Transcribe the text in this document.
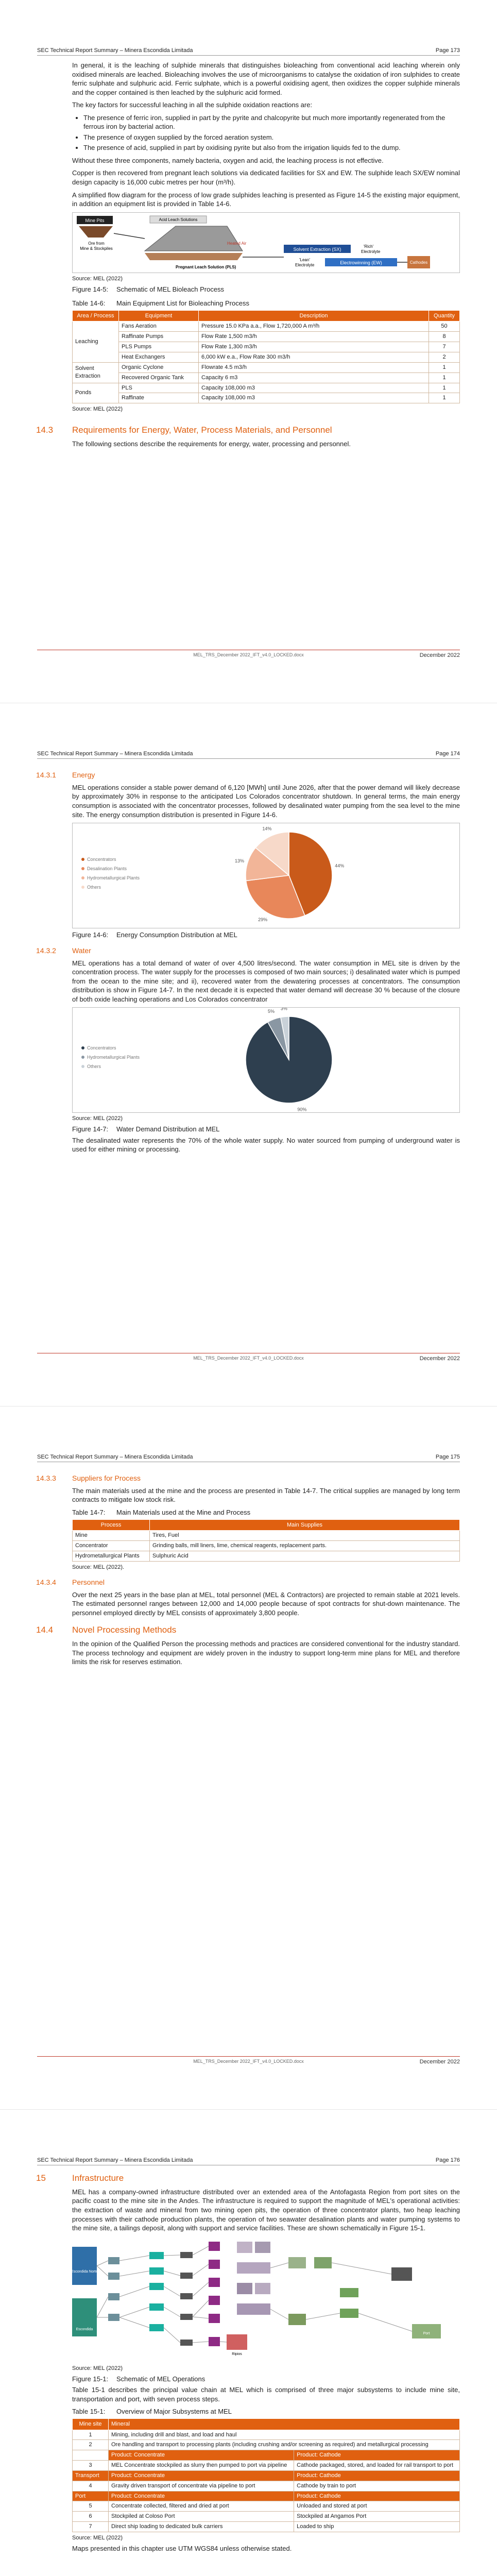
SEC Technical Report Summary – Minera Escondida Limitada	Page 173

In general, it is the leaching of sulphide minerals that distinguishes bioleaching from conventional acid leaching wherein only oxidised minerals are leached. Bioleaching involves the use of microorganisms to catalyse the oxidation of iron sulphides to create ferric sulphate and sulphuric acid. Ferric sulphate, which is a powerful oxidising agent, then oxidizes the copper sulphide minerals and the copper contained is then leached by the sulphuric acid formed.

The key factors for successful leaching in all the sulphide oxidation reactions are:

• The presence of ferric iron, supplied in part by the pyrite and chalcopyrite but much more importantly regenerated from the ferrous iron by bacterial action.
• The presence of oxygen supplied by the forced aeration system.
• The presence of acid, supplied in part by oxidising pyrite but also from the irrigation liquids fed to the dump.

Without these three components, namely bacteria, oxygen and acid, the leaching process is not effective.

Copper is then recovered from pregnant leach solutions via dedicated facilities for SX and EW. The sulphide leach SX/EW nominal design capacity is 16,000 cubic metres per hour (m³/h).

A simplified flow diagram for the process of low grade sulphides leaching is presented as Figure 14-5 the existing major equipment, in addition an equipment list is provided in Table 14-6.

Mine Pits
Ore from
Mine & Stockpiles
Acid Leach Solutions
Heated Air
Pregnant Leach Solution (PLS)
Solvent Extraction (SX)
'Rich'
Electrolyte
'Lean'
Electrolyte	Electrowinning (EW)	Cathodes
Source: MEL (2022)
Figure 14-5: Schematic of MEL Bioleach Process
Table 14-6: Main Equipment List for Bioleaching Process
Area / Process	Equipment	Description	Quantity
Leaching	Fans Aeration	Pressure 15.0 KPa a.a., Flow 1,720,000 A m³/h	50
	Raffinate Pumps	Flow Rate 1,500 m3/h	8
	PLS Pumps	Flow Rate 1,300 m3/h	7
	Heat Exchangers	6,000 kW e.a., Flow Rate 300 m3/h	2
Solvent Extraction	Organic Cyclone	Flowrate 4.5 m3/h	1
	Recovered Organic Tank	Capacity 6 m3	1
Ponds	PLS	Capacity 108,000 m3	1
	Raffinate	Capacity 108,000 m3	1
Source: MEL (2022)
14.3 Requirements for Energy, Water, Process Materials, and Personnel

The following sections describe the requirements for energy, water, processing and personnel.

MEL_TRS_December 2022_IFT_v4.0_LOCKED.docx	December 2022
SEC Technical Report Summary – Minera Escondida Limitada	Page 174
14.3.1 Energy

MEL operations consider a stable power demand of 6,120 [MWh] until June 2026, after that the power demand will likely decrease by approximately 30% in response to the anticipated Los Colorados concentrator shutdown. In general terms, the main energy consumption is associated with the concentrator processes, followed by desalinated water pumping from the sea level to the mine site. The energy consumption distribution is presented in Figure 14-6.

44%
29%
13%
14%
Concentrators
Desalination Plants
Hydrometallurgical Plants
Others
Figure 14-6: Energy Consumption Distribution at MEL
14.3.2 Water

MEL operations has a total demand of water of over 4,500 litres/second. The water consumption in MEL site is driven by the concentration process. The water supply for the processes is composed of two main sources; i) desalinated water which is pumped from the ocean to the mine site; and ii), recovered water from the dewatering processes at concentrators. The consumption distribution is show in Figure 14-7. In the next decade it is expected that water demand will decrease 30 % because of the closure of both oxide leaching operations and Los Colorados concentrator

90%
5%
3%
Concentrators
Hydrometallurgical Plants
Others
Source: MEL (2022)
Figure 14-7: Water Demand Distribution at MEL

The desalinated water represents the 70% of the whole water supply. No water sourced from pumping of underground water is used for either mining or processing.

MEL_TRS_December 2022_IFT_v4.0_LOCKED.docx	December 2022
SEC Technical Report Summary – Minera Escondida Limitada	Page 175
14.3.3 Suppliers for Process

The main materials used at the mine and the process are presented in Table 14-7. The critical supplies are managed by long term contracts to mitigate low stock risk.

Table 14-7: Main Materials used at the Mine and Process
Process	Main Supplies
Mine	Tires, Fuel
Concentrator	Grinding balls, mill liners, lime, chemical reagents, replacement parts.
Hydrometallurgical Plants	Sulphuric Acid
Source: MEL (2022).
14.3.4 Personnel

Over the next 25 years in the base plan at MEL, total personnel (MEL & Contractors) are projected to remain stable at 2021 levels. The estimated personnel ranges between 12,000 and 14,000 people because of spot contracts for shut-down maintenance. The personnel employed directly by MEL consists of approximately 3,800 people.

14.4 Novel Processing Methods

In the opinion of the Qualified Person the processing methods and practices are considered conventional for the industry standard. The process technology and equipment are widely proven in the industry to support long-term mine plans for MEL and therefore limits the risk for reserves estimation.

MEL_TRS_December 2022_IFT_v4.0_LOCKED.docx	December 2022
SEC Technical Report Summary – Minera Escondida Limitada	Page 176
15	Infrastructure

MEL has a company-owned infrastructure distributed over an extended area of the Antofagasta Region from port sites on the pacific coast to the mine site in the Andes. The infrastructure is required to support the magnitude of MEL's operational activities: the extraction of waste and mineral from two mining open pits, the operation of three concentrator plants, two heap leaching processes with their cathode production plants, the operation of two seawater desalination plants and water pumping systems to the mine site, a tailings deposit, along with support and service facilities. These are shown schematically in Figure 15-1.

Escondida Norte
Escondida
Ripios
Port
Source: MEL (2022)
Figure 15-1: Schematic of MEL Operations

Table 15-1 describes the principal value chain at MEL which is comprised of three major subsystems to include mine site, transportation and port, with seven process steps.

Table 15-1: Overview of Major Subsystems at MEL
Mine site	Mineral	
1	Mining, including drill and blast, and load and haul	
2	Ore handling and transport to processing plants (including crushing and/or screening as required) and metallurgical processing	
	Product: Concentrate	Product: Cathode
3	MEL Concentrate stockpiled as slurry then pumped to port via pipeline	Cathode packaged, stored, and loaded for rail transport to port
Transport	Product: Concentrate	Product: Cathode
4	Gravity driven transport of concentrate via pipeline to port	Cathode by train to port
Port	Product: Concentrate	Product: Cathode
5	Concentrate collected, filtered and dried at port	Unloaded and stored at port
6	Stockpiled at Coloso Port	Stockpiled at Angamos Port
7	Direct ship loading to dedicated bulk carriers	Loaded to ship
Source: MEL (2022)

Maps presented in this chapter use UTM WGS84 unless otherwise stated.
